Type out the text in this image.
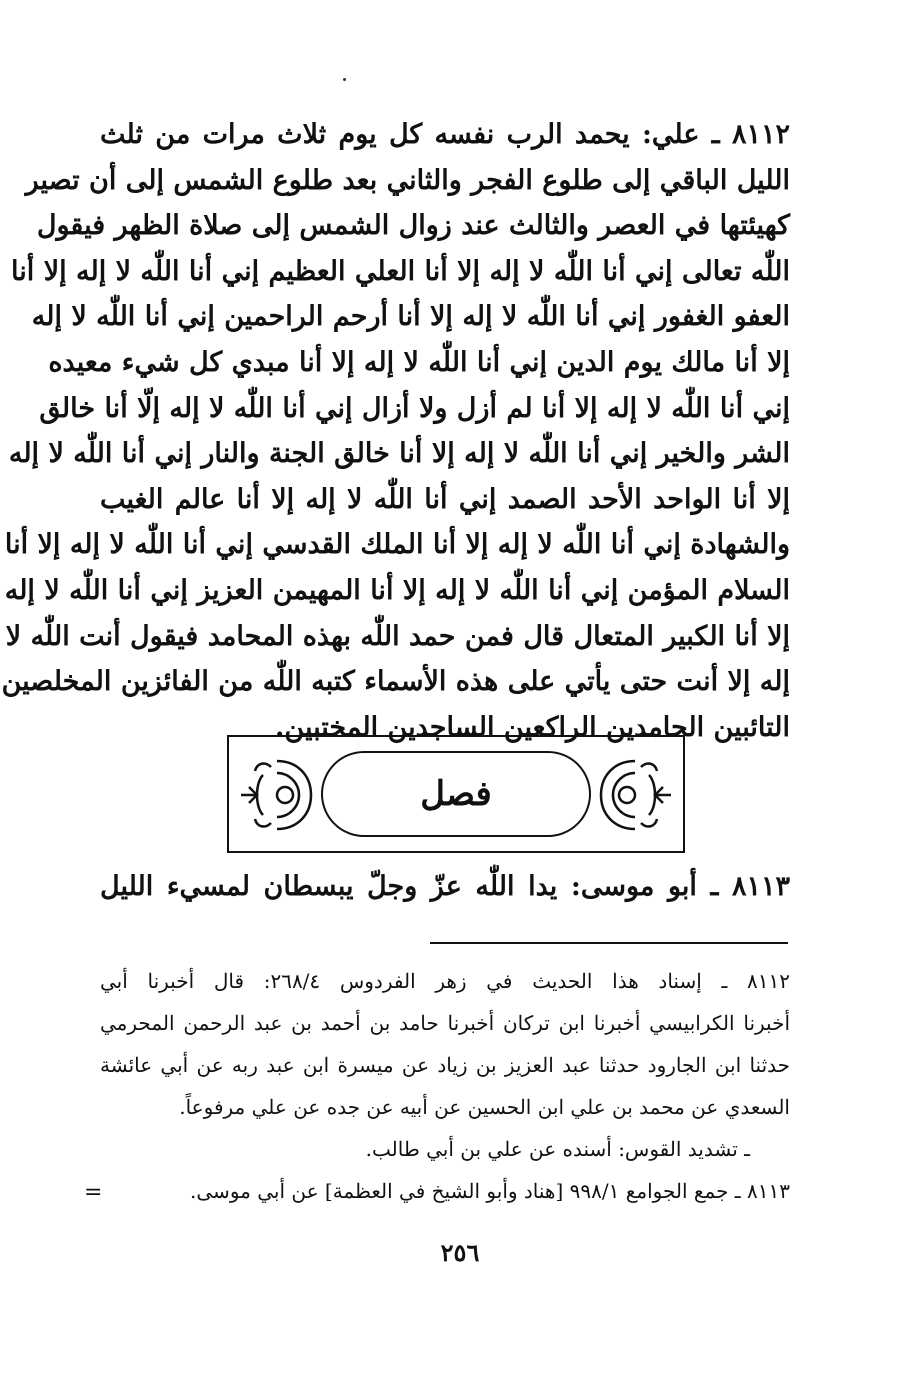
٨١١٢ ـ علي: يحمد الرب نفسه كل يوم ثلاث مرات من ثلث
الليل الباقي إلى طلوع الفجر والثاني بعد طلوع الشمس إلى أن تصير
كهيئتها في العصر والثالث عند زوال الشمس إلى صلاة الظهر فيقول
اللّٰه تعالى إني أنا اللّٰه لا إله إلا أنا العلي العظيم إني أنا اللّٰه لا إله إلا أنا
العفو الغفور إني أنا اللّٰه لا إله إلا أنا أرحم الراحمين إني أنا اللّٰه لا إله
إلا أنا مالك يوم الدين إني أنا اللّٰه لا إله إلا أنا مبدي كل شيء معيده
إني أنا اللّٰه لا إله إلا أنا لم أزل ولا أزال إني أنا اللّٰه لا إله إلّا أنا خالق
الشر والخير إني أنا اللّٰه لا إله إلا أنا خالق الجنة والنار إني أنا اللّٰه لا إله
إلا أنا الواحد الأحد الصمد إني أنا اللّٰه لا إله إلا أنا عالم الغيب
والشهادة إني أنا اللّٰه لا إله إلا أنا الملك القدسي إني أنا اللّٰه لا إله إلا أنا
السلام المؤمن إني أنا اللّٰه لا إله إلا أنا المهيمن العزيز إني أنا اللّٰه لا إله
إلا أنا الكبير المتعال قال فمن حمد اللّٰه بهذه المحامد فيقول أنت اللّٰه لا
إله إلا أنت حتى يأتي على هذه الأسماء كتبه اللّٰه من الفائزين المخلصين
التائبين الحامدين الراكعين الساجدين المختبين.
فصل
٨١١٣ ـ أبو موسى: يدا اللّٰه عزّ وجلّ يبسطان لمسيء الليل
٨١١٢ ـ إسناد هذا الحديث في زهر الفردوس ٢٦٨/٤: قال أخبرنا أبي
أخبرنا الكرابيسي أخبرنا ابن تركان أخبرنا حامد بن أحمد بن عبد الرحمن المحرمي
حدثنا ابن الجارود حدثنا عبد العزيز بن زياد عن ميسرة ابن عبد ربه عن أبي عائشة
السعدي عن محمد بن علي ابن الحسين عن أبيه عن جده عن علي مرفوعاً.
ـ تشديد القوس: أسنده عن علي بن أبي طالب.
٨١١٣ ـ جمع الجوامع ٩٩٨/١ [هناد وأبو الشيخ في العظمة] عن أبي موسى.
=
٢٥٦
